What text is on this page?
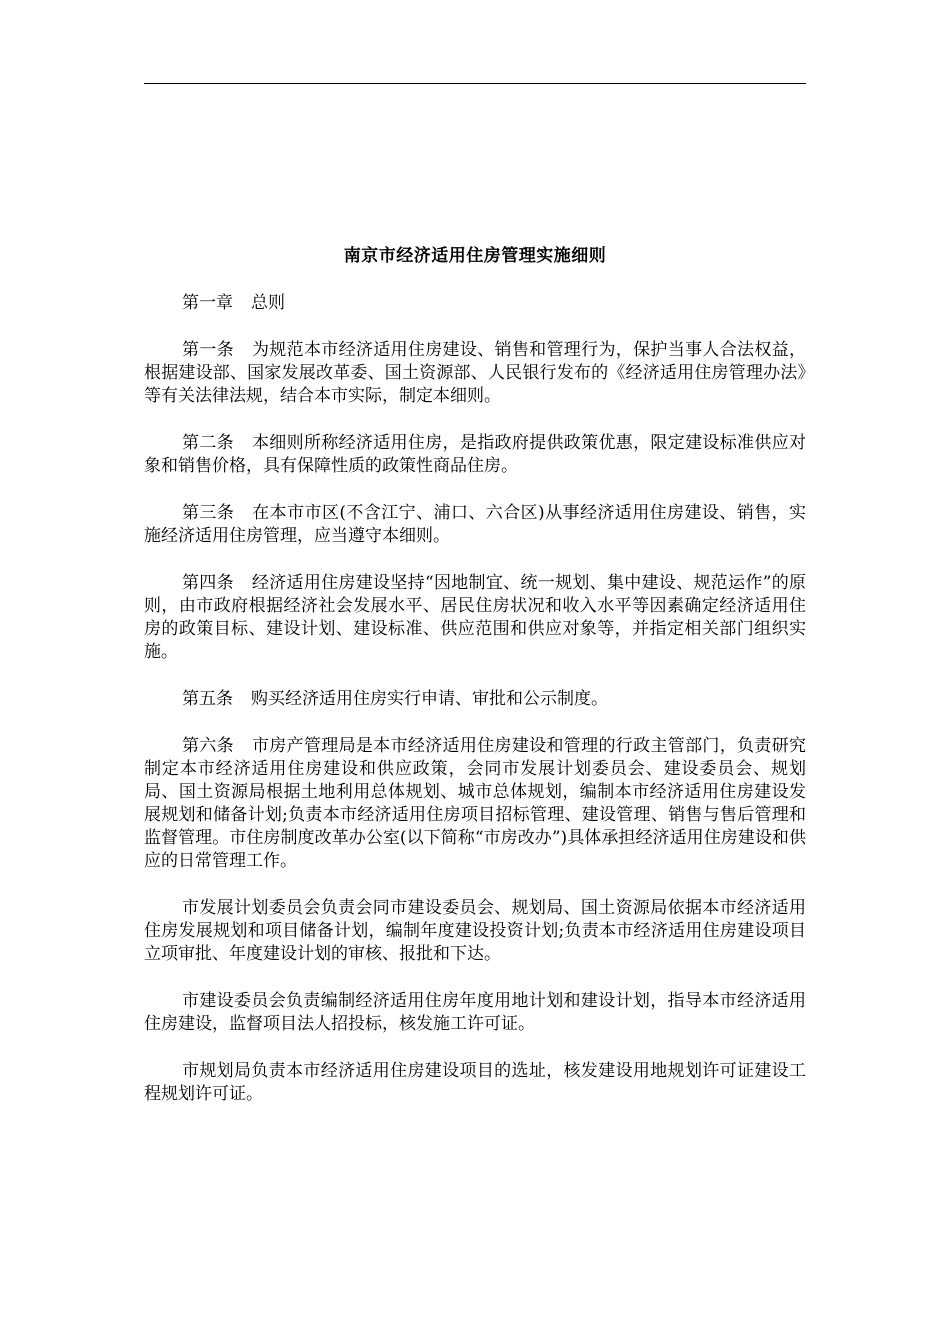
南京市经济适用住房管理实施细则

第一章 总则

第一条 为规范本市经济适用住房建设、销售和管理行为，保护当事人合法权益，根据建设部、国家发展改革委、国土资源部、人民银行发布的《经济适用住房管理办法》等有关法律法规，结合本市实际，制定本细则。

第二条 本细则所称经济适用住房，是指政府提供政策优惠，限定建设标准供应对象和销售价格，具有保障性质的政策性商品住房。

第三条 在本市市区(不含江宁、浦口、六合区)从事经济适用住房建设、销售，实施经济适用住房管理，应当遵守本细则。

第四条 经济适用住房建设坚持“因地制宜、统一规划、集中建设、规范运作”的原则，由市政府根据经济社会发展水平、居民住房状况和收入水平等因素确定经济适用住房的政策目标、建设计划、建设标准、供应范围和供应对象等，并指定相关部门组织实施。

第五条 购买经济适用住房实行申请、审批和公示制度。

第六条 市房产管理局是本市经济适用住房建设和管理的行政主管部门，负责研究制定本市经济适用住房建设和供应政策，会同市发展计划委员会、建设委员会、规划局、国土资源局根据土地利用总体规划、城市总体规划，编制本市经济适用住房建设发展规划和储备计划;负责本市经济适用住房项目招标管理、建设管理、销售与售后管理和监督管理。市住房制度改革办公室(以下简称“市房改办”)具体承担经济适用住房建设和供应的日常管理工作。

市发展计划委员会负责会同市建设委员会、规划局、国土资源局依据本市经济适用住房发展规划和项目储备计划，编制年度建设投资计划;负责本市经济适用住房建设项目立项审批、年度建设计划的审核、报批和下达。

市建设委员会负责编制经济适用住房年度用地计划和建设计划，指导本市经济适用住房建设，监督项目法人招投标，核发施工许可证。

市规划局负责本市经济适用住房建设项目的选址，核发建设用地规划许可证建设工程规划许可证。
